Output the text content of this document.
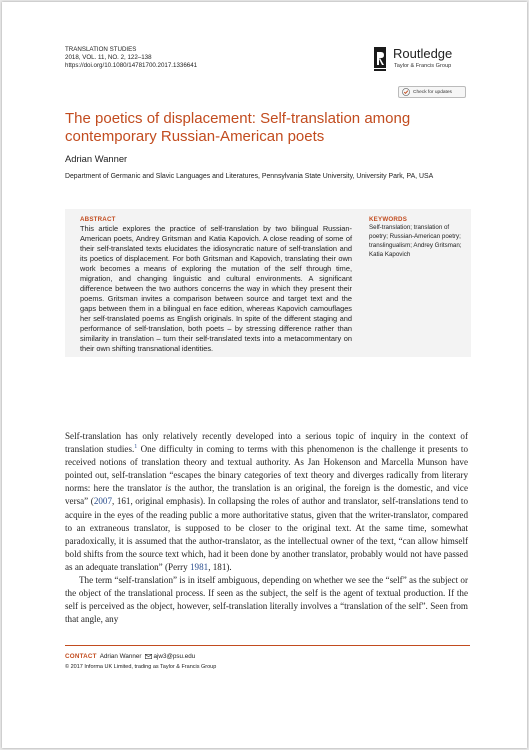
TRANSLATION STUDIES
2018, VOL. 11, NO. 2, 122–138
https://doi.org/10.1080/14781700.2017.1336641
Routledge
Taylor & Francis Group
Check for updates
The poetics of displacement: Self-translation among contemporary Russian-American poets
Adrian Wanner
Department of Germanic and Slavic Languages and Literatures, Pennsylvania State University, University Park, PA, USA
ABSTRACT
This article explores the practice of self-translation by two bilingual Russian-American poets, Andrey Gritsman and Katia Kapovich. A close reading of some of their self-translated texts elucidates the idiosyncratic nature of self-translation and its poetics of displacement. For both Gritsman and Kapovich, translating their own work becomes a means of exploring the mutation of the self through time, migration, and changing linguistic and cultural environments. A significant difference between the two authors concerns the way in which they present their poems. Gritsman invites a comparison between source and target text and the gaps between them in a bilingual en face edition, whereas Kapovich camouflages her self-translated poems as English originals. In spite of the different staging and performance of self-translation, both poets – by stressing difference rather than similarity in translation – turn their self-translated texts into a metacommentary on their own shifting transnational identities.
KEYWORDS
Self-translation; translation of poetry; Russian-American poetry; translingualism; Andrey Gritsman; Katia Kapovich

Self-translation has only relatively recently developed into a serious topic of inquiry in the context of translation studies.$^1$ One difficulty in coming to terms with this phenomenon is the challenge it presents to received notions of translation theory and textual authority. As Jan Hokenson and Marcella Munson have pointed out, self-translation “escapes the binary categories of text theory and diverges radically from literary norms: here the translator is the author, the translation is an original, the foreign is the domestic, and vice versa” (2007, 161, original emphasis). In collapsing the roles of author and translator, self-translations tend to acquire in the eyes of the reading public a more authoritative status, given that the writer-translator, compared to an extraneous translator, is supposed to be closer to the original text. At the same time, somewhat paradoxically, it is assumed that the author-translator, as the intellectual owner of the text, “can allow himself bold shifts from the source text which, had it been done by another translator, probably would not have passed as an adequate translation” (Perry 1981, 181).

The term “self-translation” is in itself ambiguous, depending on whether we see the “self” as the subject or the object of the translational process. If seen as the subject, the self is the agent of textual production. If the self is perceived as the object, however, self-translation literally involves a “translation of the self”. Seen from that angle, any

CONTACT Adrian Wanner ajw3@psu.edu
© 2017 Informa UK Limited, trading as Taylor & Francis Group
